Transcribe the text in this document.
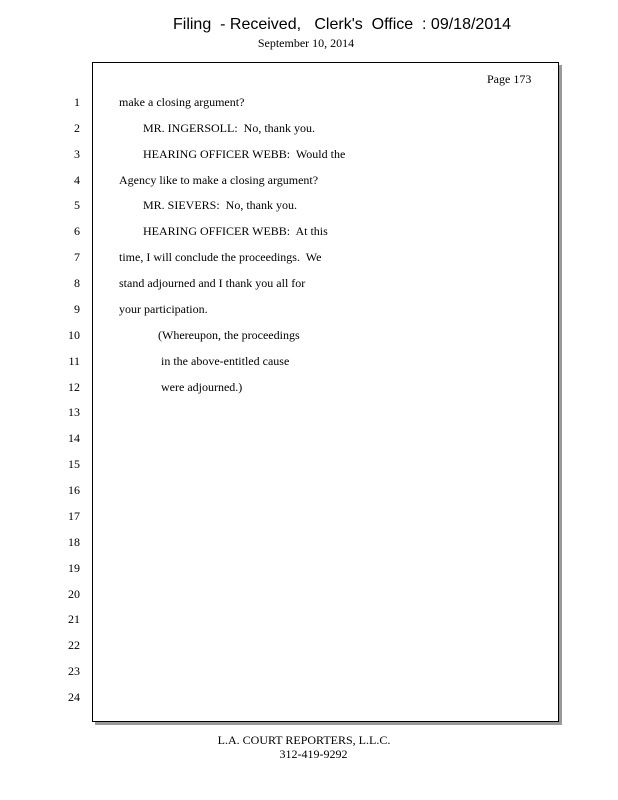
Filing  - Received,   Clerk's  Office  : 09/18/2014
September 10, 2014
Page 173
1	make a closing argument?
2	MR. INGERSOLL:  No, thank you.
3	HEARING OFFICER WEBB:  Would the
4	Agency like to make a closing argument?
5	MR. SIEVERS:  No, thank you.
6	HEARING OFFICER WEBB:  At this
7	time, I will conclude the proceedings.  We
8	stand adjourned and I thank you all for
9	your participation.
10	(Whereupon, the proceedings
11	in the above-entitled cause
12	were adjourned.)
13
14
15
16
17
18
19
20
21
22
23
24
L.A. COURT REPORTERS, L.L.C.
312-419-9292
